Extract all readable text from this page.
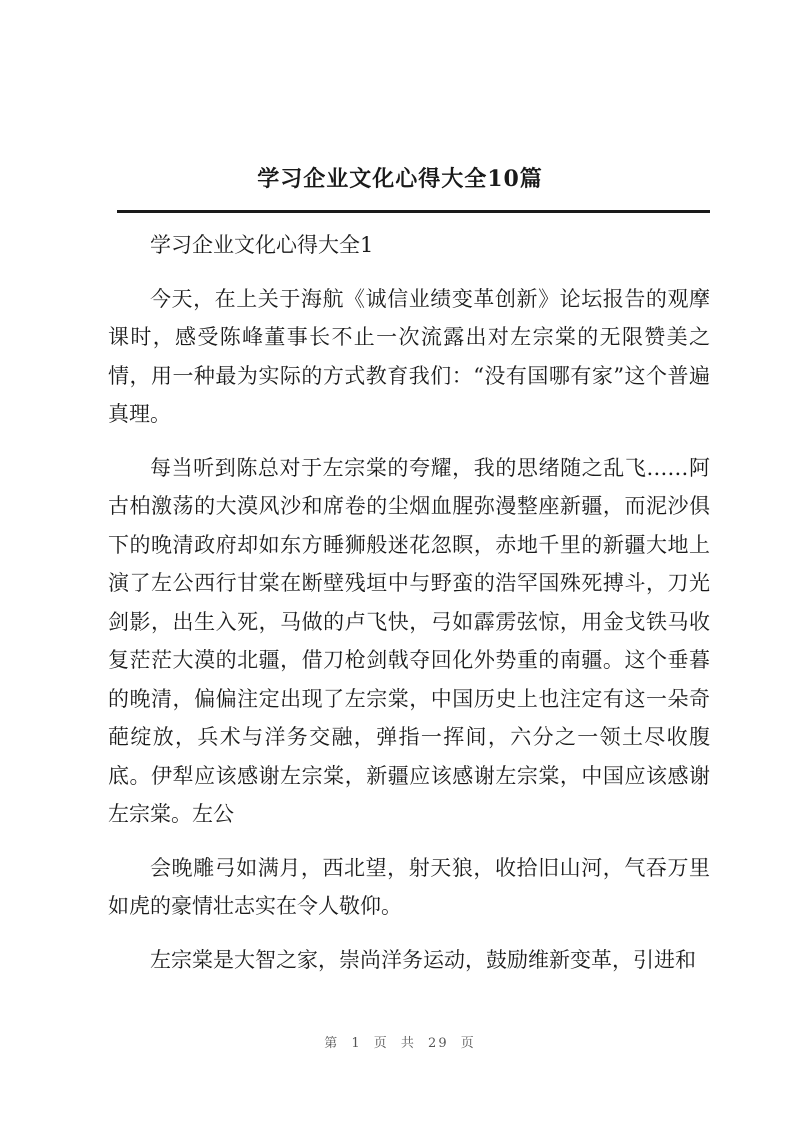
学习企业文化心得大全10篇

学习企业文化心得大全1

今天，在上关于海航《诚信业绩变革创新》论坛报告的观摩课时，感受陈峰董事长不止一次流露出对左宗棠的无限赞美之情，用一种最为实际的方式教育我们：“没有国哪有家”这个普遍真理。

每当听到陈总对于左宗棠的夸耀，我的思绪随之乱飞……阿古柏激荡的大漠风沙和席卷的尘烟血腥弥漫整座新疆，而泥沙俱下的晚清政府却如东方睡狮般迷花忽瞑，赤地千里的新疆大地上演了左公西行甘棠在断壁残垣中与野蛮的浩罕国殊死搏斗，刀光剑影，出生入死，马做的卢飞快，弓如霹雳弦惊，用金戈铁马收复茫茫大漠的北疆，借刀枪剑戟夺回化外势重的南疆。这个垂暮的晚清，偏偏注定出现了左宗棠，中国历史上也注定有这一朵奇葩绽放，兵术与洋务交融，弹指一挥间，六分之一领土尽收腹底。伊犁应该感谢左宗棠，新疆应该感谢左宗棠，中国应该感谢左宗棠。左公

会晚雕弓如满月，西北望，射天狼，收拾旧山河，气吞万里如虎的豪情壮志实在令人敬仰。

左宗棠是大智之家，崇尚洋务运动，鼓励维新变革，引进和

第 1 页 共 29 页
